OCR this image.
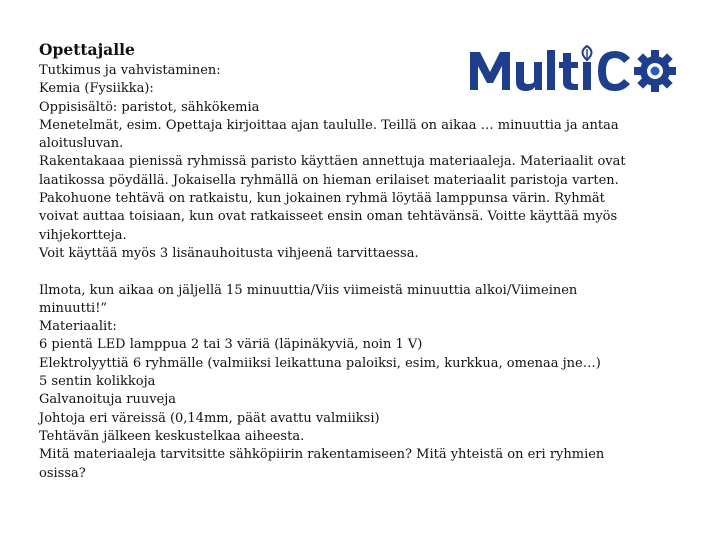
Opettajalle
Tutkimus ja vahvistaminen:
Kemia (Fysiikka):
Oppisisältö: paristot, sähkökemia
Menetelmät, esim. Opettaja kirjoittaa ajan taululle. Teillä on aikaa … minuuttia ja antaa
aloitusluvan.
Rakentakaaa pienissä ryhmissä paristo käyttäen annettuja materiaaleja. Materiaalit ovat
laatikossa pöydällä. Jokaisella ryhmällä on hieman erilaiset materiaalit paristoja varten.
Pakohuone tehtävä on ratkaistu, kun jokainen ryhmä löytää lamppunsa värin. Ryhmät
voivat auttaa toisiaan, kun ovat ratkaisseet ensin oman tehtävänsä. Voitte käyttää myös
vihjekortteja.
Voit käyttää myös 3 lisänauhoitusta vihjeenä tarvittaessa.
Ilmota, kun aikaa on jäljellä 15 minuuttia/Viis viimeistä minuuttia alkoi/Viimeinen
minuutti!”
Materiaalit:
6 pientä LED lamppua 2 tai 3 väriä (läpinäkyviä, noin 1 V)
Elektrolyyttiä 6 ryhmälle (valmiiksi leikattuna paloiksi, esim, kurkkua, omenaa jne…)
5 sentin kolikkoja
Galvanoituja ruuveja
Johtoja eri väreissä (0,14mm, päät avattu valmiiksi)
Tehtävän jälkeen keskustelkaa aiheesta.
Mitä materiaaleja tarvitsitte sähköpiirin rakentamiseen? Mitä yhteistä on eri ryhmien
osissa?
